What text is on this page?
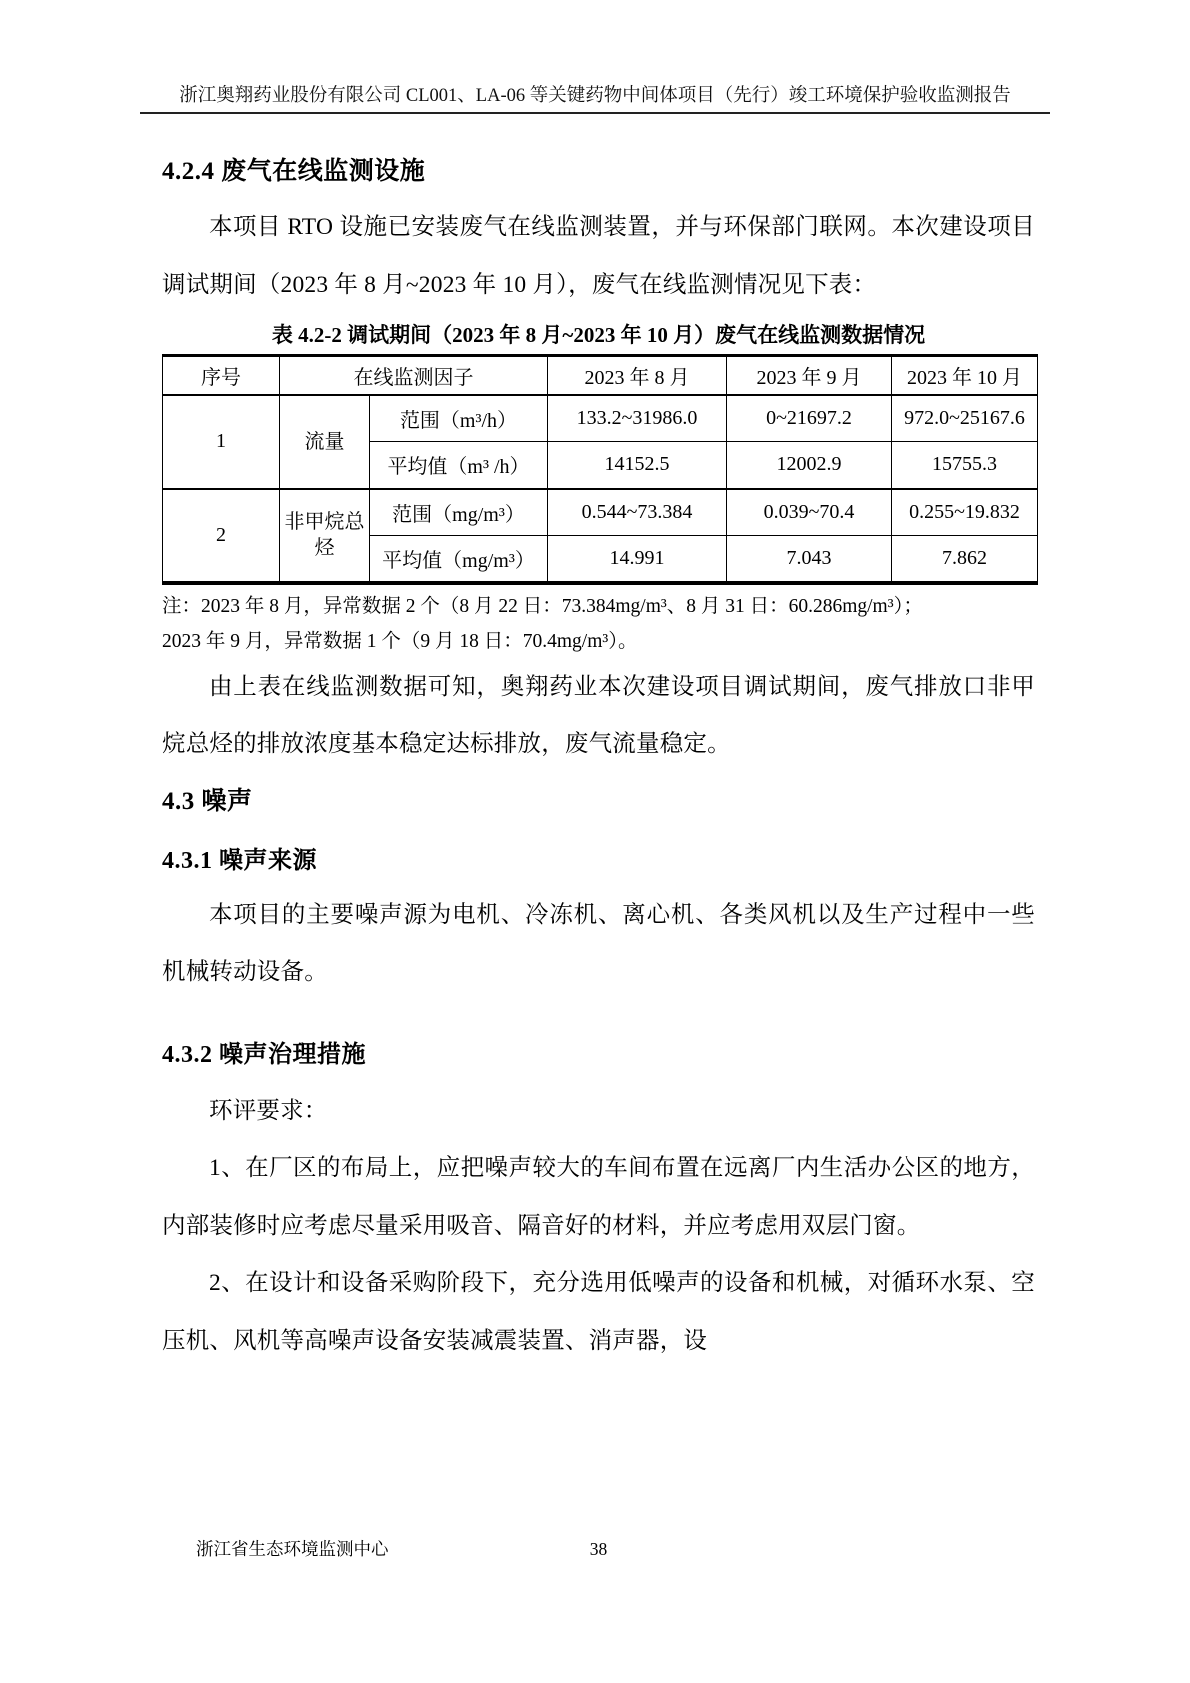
浙江奥翔药业股份有限公司 CL001、LA-06 等关键药物中间体项目（先行）竣工环境保护验收监测报告
4.2.4 废气在线监测设施

本项目 RTO 设施已安装废气在线监测装置，并与环保部门联网。本次建设项目调试期间（2023 年 8 月~2023 年 10 月），废气在线监测情况见下表：

表 4.2-2 调试期间（2023 年 8 月~2023 年 10 月）废气在线监测数据情况
序号	在线监测因子		2023 年 8 月	2023 年 9 月	2023 年 10 月
1	流量	范围（m³/h）	133.2~31986.0	0~21697.2	972.0~25167.6
		平均值（m³ /h）	14152.5	12002.9	15755.3
2	非甲烷总烃	范围（mg/m³）	0.544~73.384	0.039~70.4	0.255~19.832
		平均值（mg/m³）	14.991	7.043	7.862
注：2023 年 8 月，异常数据 2 个（8 月 22 日：73.384mg/m³、8 月 31 日：60.286mg/m³）；
2023 年 9 月，异常数据 1 个（9 月 18 日：70.4mg/m³）。

由上表在线监测数据可知，奥翔药业本次建设项目调试期间，废气排放口非甲烷总烃的排放浓度基本稳定达标排放，废气流量稳定。

4.3 噪声
4.3.1 噪声来源

本项目的主要噪声源为电机、冷冻机、离心机、各类风机以及生产过程中一些机械转动设备。

4.3.2 噪声治理措施

环评要求：

1、在厂区的布局上，应把噪声较大的车间布置在远离厂内生活办公区的地方，内部装修时应考虑尽量采用吸音、隔音好的材料，并应考虑用双层门窗。

2、在设计和设备采购阶段下，充分选用低噪声的设备和机械，对循环水泵、空压机、风机等高噪声设备安装减震装置、消声器，设

浙江省生态环境监测中心	38
